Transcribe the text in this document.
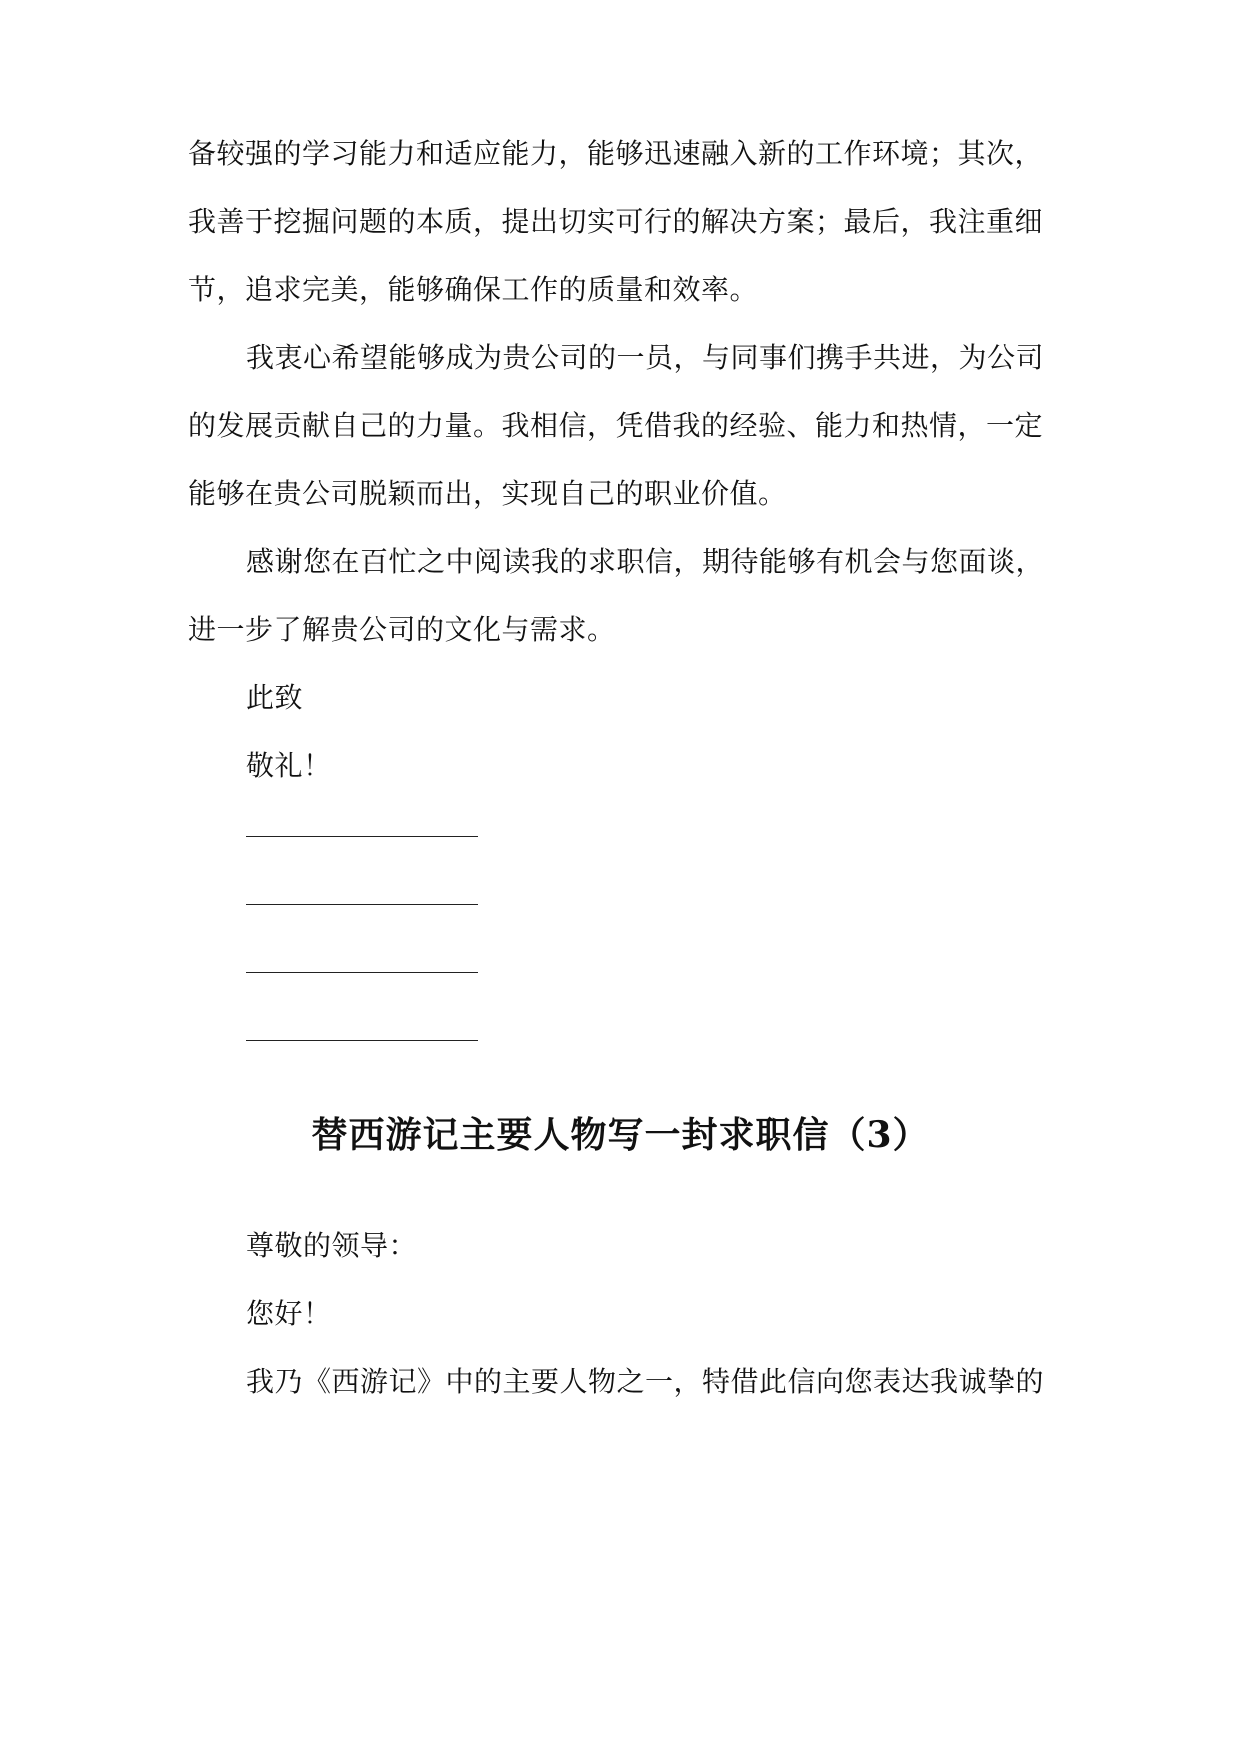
备较强的学习能力和适应能力，能够迅速融入新的工作环境；其次，
我善于挖掘问题的本质，提出切实可行的解决方案；最后，我注重细
节，追求完美，能够确保工作的质量和效率。
我衷心希望能够成为贵公司的一员，与同事们携手共进，为公司
的发展贡献自己的力量。我相信，凭借我的经验、能力和热情，一定
能够在贵公司脱颖而出，实现自己的职业价值。
感谢您在百忙之中阅读我的求职信，期待能够有机会与您面谈，
进一步了解贵公司的文化与需求。
此致
敬礼！
替西游记主要人物写一封求职信（3）
尊敬的领导：
您好！
我乃《西游记》中的主要人物之一，特借此信向您表达我诚挚的
